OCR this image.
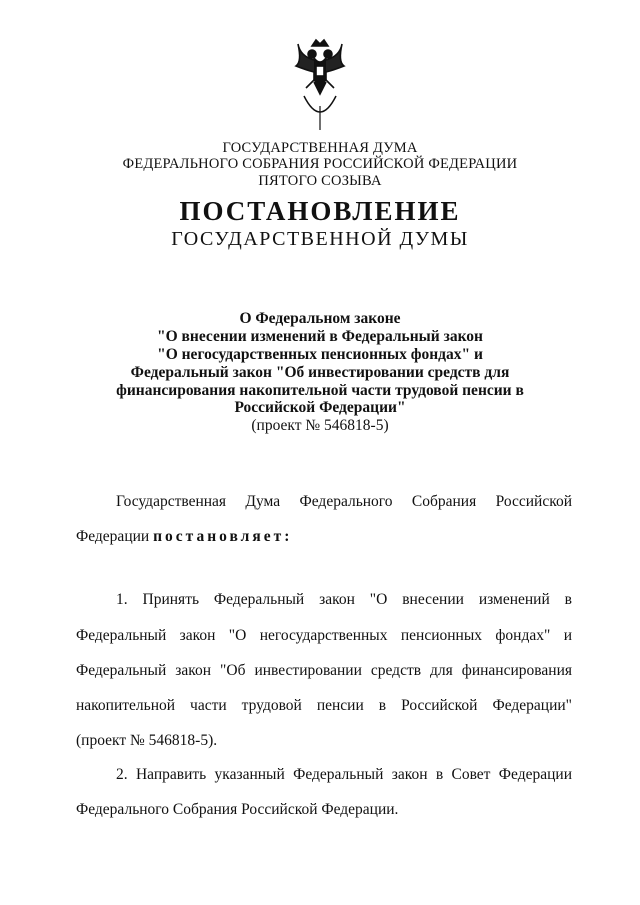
ГОСУДАРСТВЕННАЯ ДУМА
ФЕДЕРАЛЬНОГО СОБРАНИЯ РОССИЙСКОЙ ФЕДЕРАЦИИ
ПЯТОГО СОЗЫВА
ПОСТАНОВЛЕНИЕ
ГОСУДАРСТВЕННОЙ ДУМЫ
О Федеральном законе
"О внесении изменений в Федеральный закон
"О негосударственных пенсионных фондах" и
Федеральный закон "Об инвестировании средств для
финансирования накопительной части трудовой пенсии в
Российской Федерации"
(проект № 546818-5)
Государственная Дума Федерального Собрания Российской
Федерации постановляет:
1. Принять Федеральный закон "О внесении изменений в
Федеральный закон "О негосударственных пенсионных фондах" и
Федеральный закон "Об инвестировании средств для финансирования
накопительной части трудовой пенсии в Российской Федерации"
(проект № 546818-5).
2. Направить указанный Федеральный закон в Совет Федерации
Федерального Собрания Российской Федерации.
